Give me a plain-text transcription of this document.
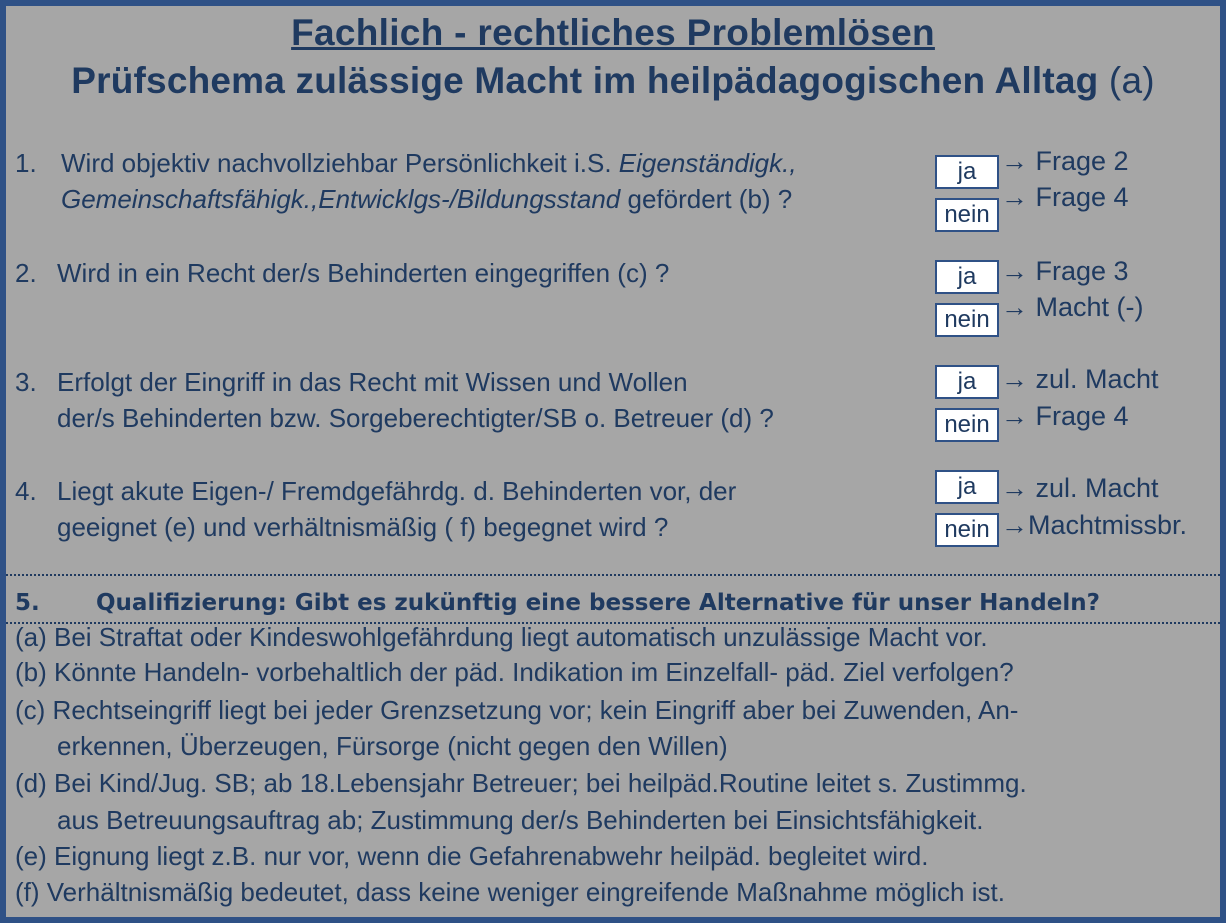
Fachlich - rechtliches Problemlösen
Prüfschema zulässige Macht im heilpädagogischen Alltag (a)
1. Wird objektiv nachvollziehbar Persönlichkeit i.S. Eigenständigk.,
Gemeinschaftsfähigk.,Entwicklgs-/Bildungsstand gefördert (b) ?
ja
nein
→ Frage 2
→ Frage 4
2. Wird in ein Recht der/s Behinderten eingegriffen (c) ?	ja
nein
→ Frage 3
→ Macht (-)
3. Erfolgt der Eingriff in das Recht mit Wissen und Wollen
der/s Behinderten bzw. Sorgeberechtigter/SB o. Betreuer (d) ?
ja
nein
→ zul. Macht
→ Frage 4
4. Liegt akute Eigen-/ Fremdgefährdg. d. Behinderten vor, der
geeignet (e) und verhältnismäßig ( f) begegnet wird ?
ja
nein
→ zul. Macht
→Machtmissbr.
5. Qualifizierung: Gibt es zukünftig eine bessere Alternative für unser Handeln?
(a) Bei Straftat oder Kindeswohlgefährdung liegt automatisch unzulässige Macht vor.
(b) Könnte Handeln- vorbehaltlich der päd. Indikation im Einzelfall- päd. Ziel verfolgen?
(c) Rechtseingriff liegt bei jeder Grenzsetzung vor; kein Eingriff aber bei Zuwenden, An-
erkennen, Überzeugen, Fürsorge (nicht gegen den Willen)
(d) Bei Kind/Jug. SB; ab 18.Lebensjahr Betreuer; bei heilpäd.Routine leitet s. Zustimmg.
aus Betreuungsauftrag ab; Zustimmung der/s Behinderten bei Einsichtsfähigkeit.
(e) Eignung liegt z.B. nur vor, wenn die Gefahrenabwehr heilpäd. begleitet wird.
(f) Verhältnismäßig bedeutet, dass keine weniger eingreifende Maßnahme möglich ist.
